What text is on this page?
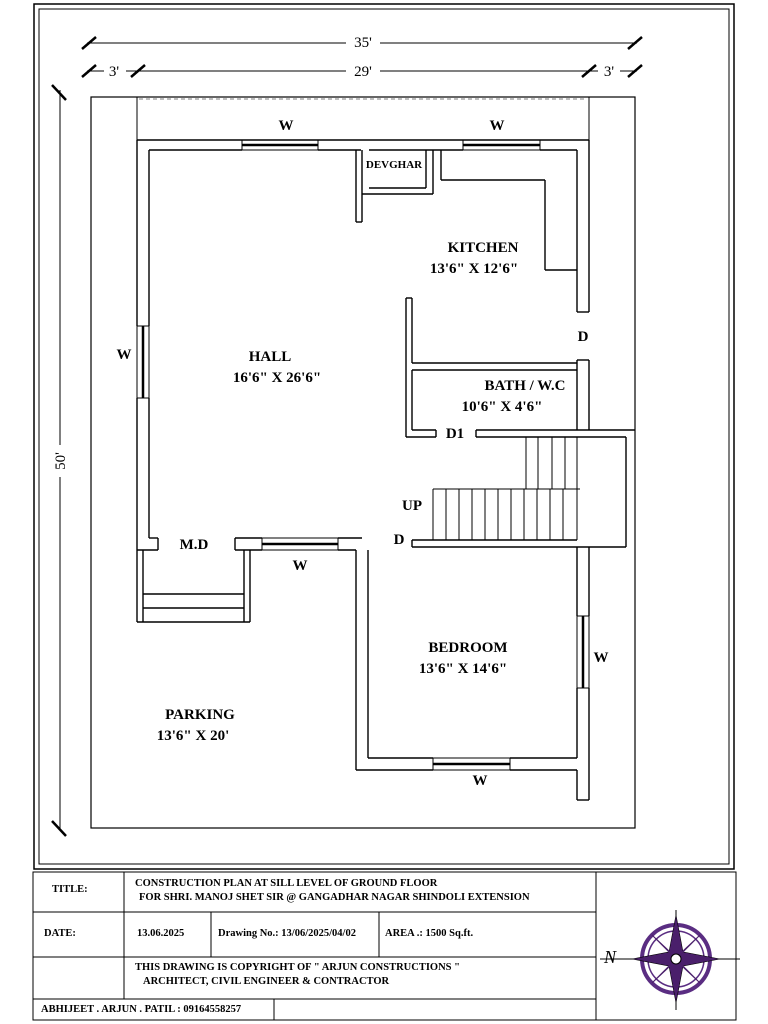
35'
3'	29'	3'
50'
HALL
16'6" X 26'6"
KITCHEN
13'6" X 12'6"
DEVGHAR
BATH / W.C
10'6" X 4'6"
BEDROOM
13'6" X 14'6"
PARKING
13'6" X 20'
W	W
W
W
W
W
D
D
D1
M.D
UP
N
TITLE:
CONSTRUCTION PLAN AT SILL LEVEL OF GROUND FLOOR
FOR SHRI. MANOJ SHET SIR @ GANGADHAR NAGAR SHINDOLI EXTENSION
DATE:	13.06.2025	Drawing No.: 13/06/2025/04/02	AREA .: 1500 Sq.ft.
THIS DRAWING IS COPYRIGHT OF " ARJUN CONSTRUCTIONS "
ARCHITECT, CIVIL ENGINEER & CONTRACTOR
ABHIJEET . ARJUN . PATIL : 09164558257
